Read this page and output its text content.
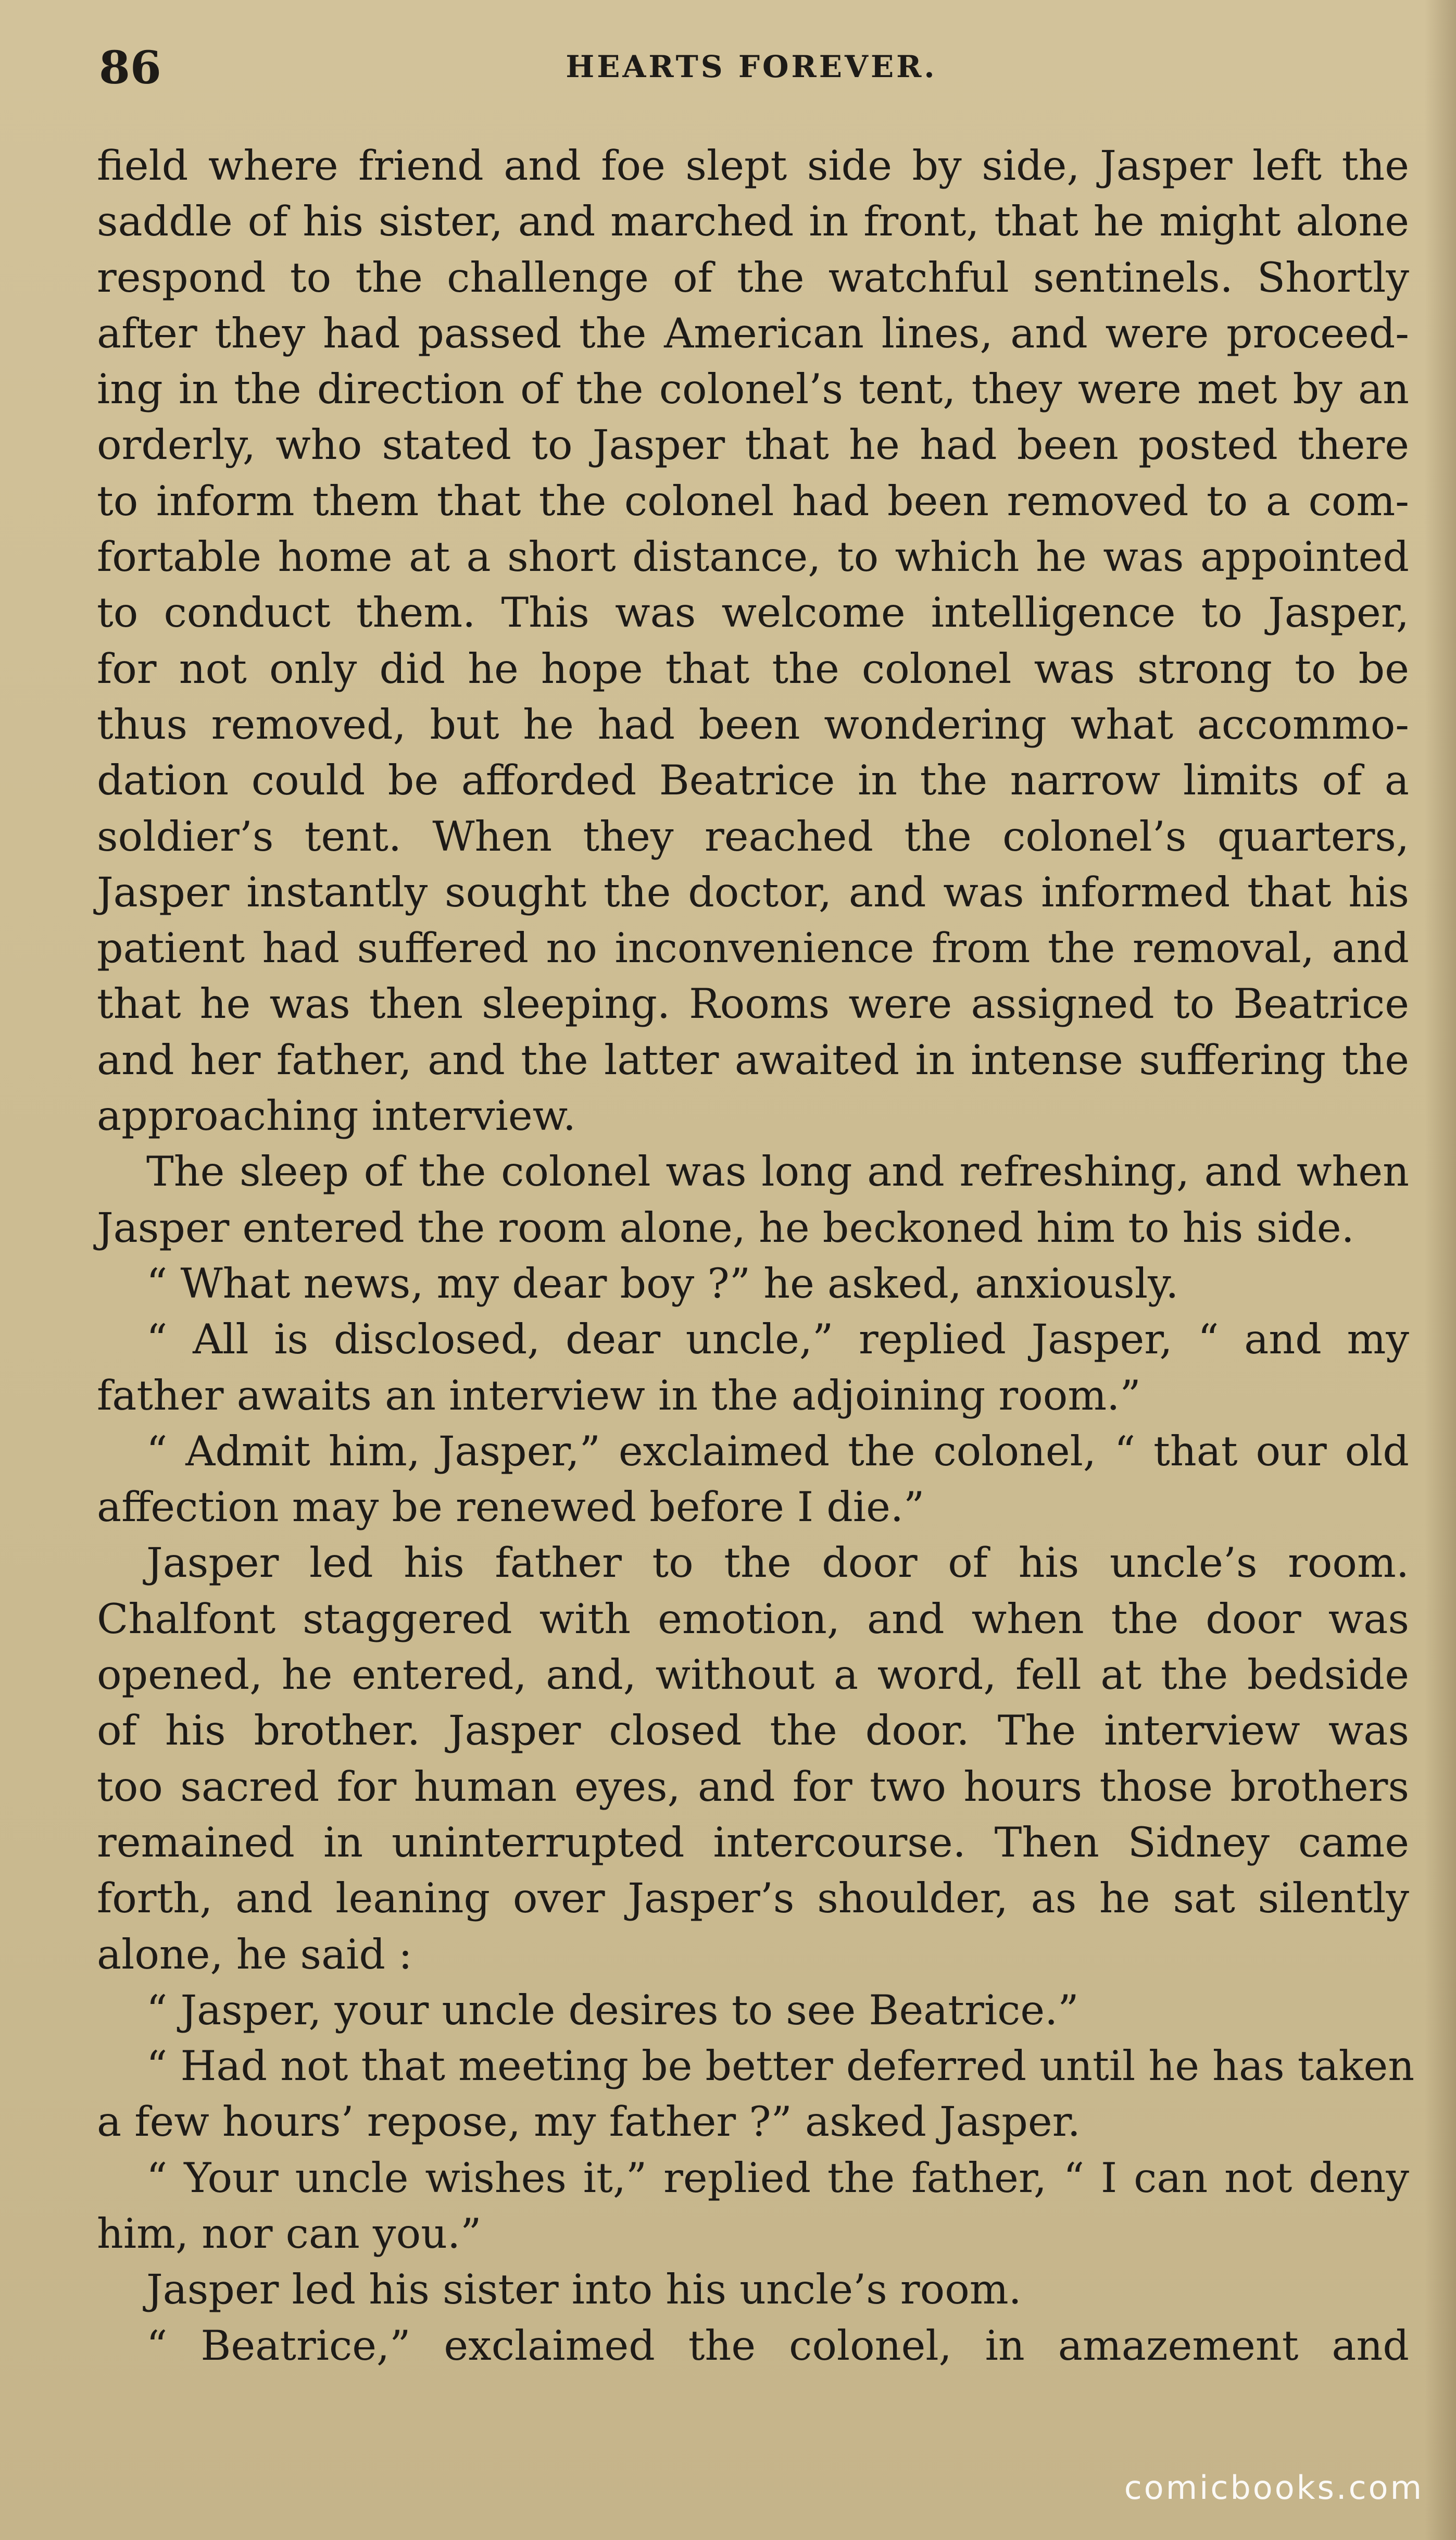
86	HEARTS FOREVER.
field where friend and foe slept side by side, Jasper left the
saddle of his sister, and marched in front, that he might alone
respond to the challenge of the watchful sentinels. Shortly
after they had passed the American lines, and were proceed-
ing in the direction of the colonel’s tent, they were met by an
orderly, who stated to Jasper that he had been posted there
to inform them that the colonel had been removed to a com-
fortable home at a short distance, to which he was appointed
to conduct them. This was welcome intelligence to Jasper,
for not only did he hope that the colonel was strong to be
thus removed, but he had been wondering what accommo-
dation could be afforded Beatrice in the narrow limits of a
soldier’s tent. When they reached the colonel’s quarters,
Jasper instantly sought the doctor, and was informed that his
patient had suffered no inconvenience from the removal, and
that he was then sleeping. Rooms were assigned to Beatrice
and her father, and the latter awaited in intense suffering the
approaching interview.
The sleep of the colonel was long and refreshing, and when
Jasper entered the room alone, he beckoned him to his side.
“ What news, my dear boy ?” he asked, anxiously.
“ All is disclosed, dear uncle,” replied Jasper, “ and my
father awaits an interview in the adjoining room.”
“ Admit him, Jasper,” exclaimed the colonel, “ that our old
affection may be renewed before I die.”
Jasper led his father to the door of his uncle’s room.
Chalfont staggered with emotion, and when the door was
opened, he entered, and, without a word, fell at the bedside
of his brother. Jasper closed the door. The interview was
too sacred for human eyes, and for two hours those brothers
remained in uninterrupted intercourse. Then Sidney came
forth, and leaning over Jasper’s shoulder, as he sat silently
alone, he said :
“ Jasper, your uncle desires to see Beatrice.”
“ Had not that meeting be better deferred until he has taken
a few hours’ repose, my father ?” asked Jasper.
“ Your uncle wishes it,” replied the father, “ I can not deny
him, nor can you.”
Jasper led his sister into his uncle’s room.
“ Beatrice,” exclaimed the colonel, in amazement and
comicbooks.com
